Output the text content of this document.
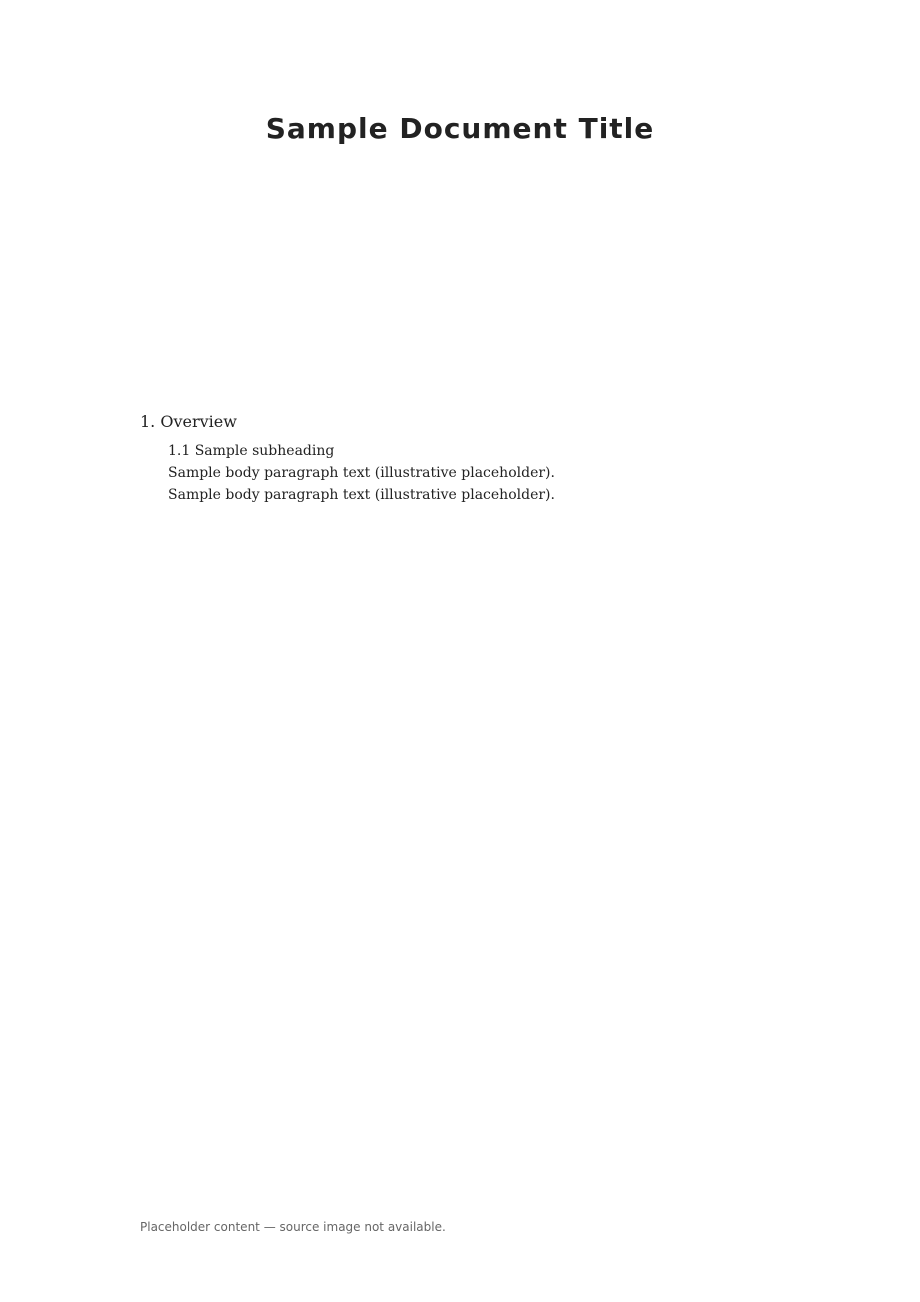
Sample Document Title
1. Overview

1.1 Sample subheading

Sample body paragraph text (illustrative placeholder).

Sample body paragraph text (illustrative placeholder).

Placeholder content — source image not available.
